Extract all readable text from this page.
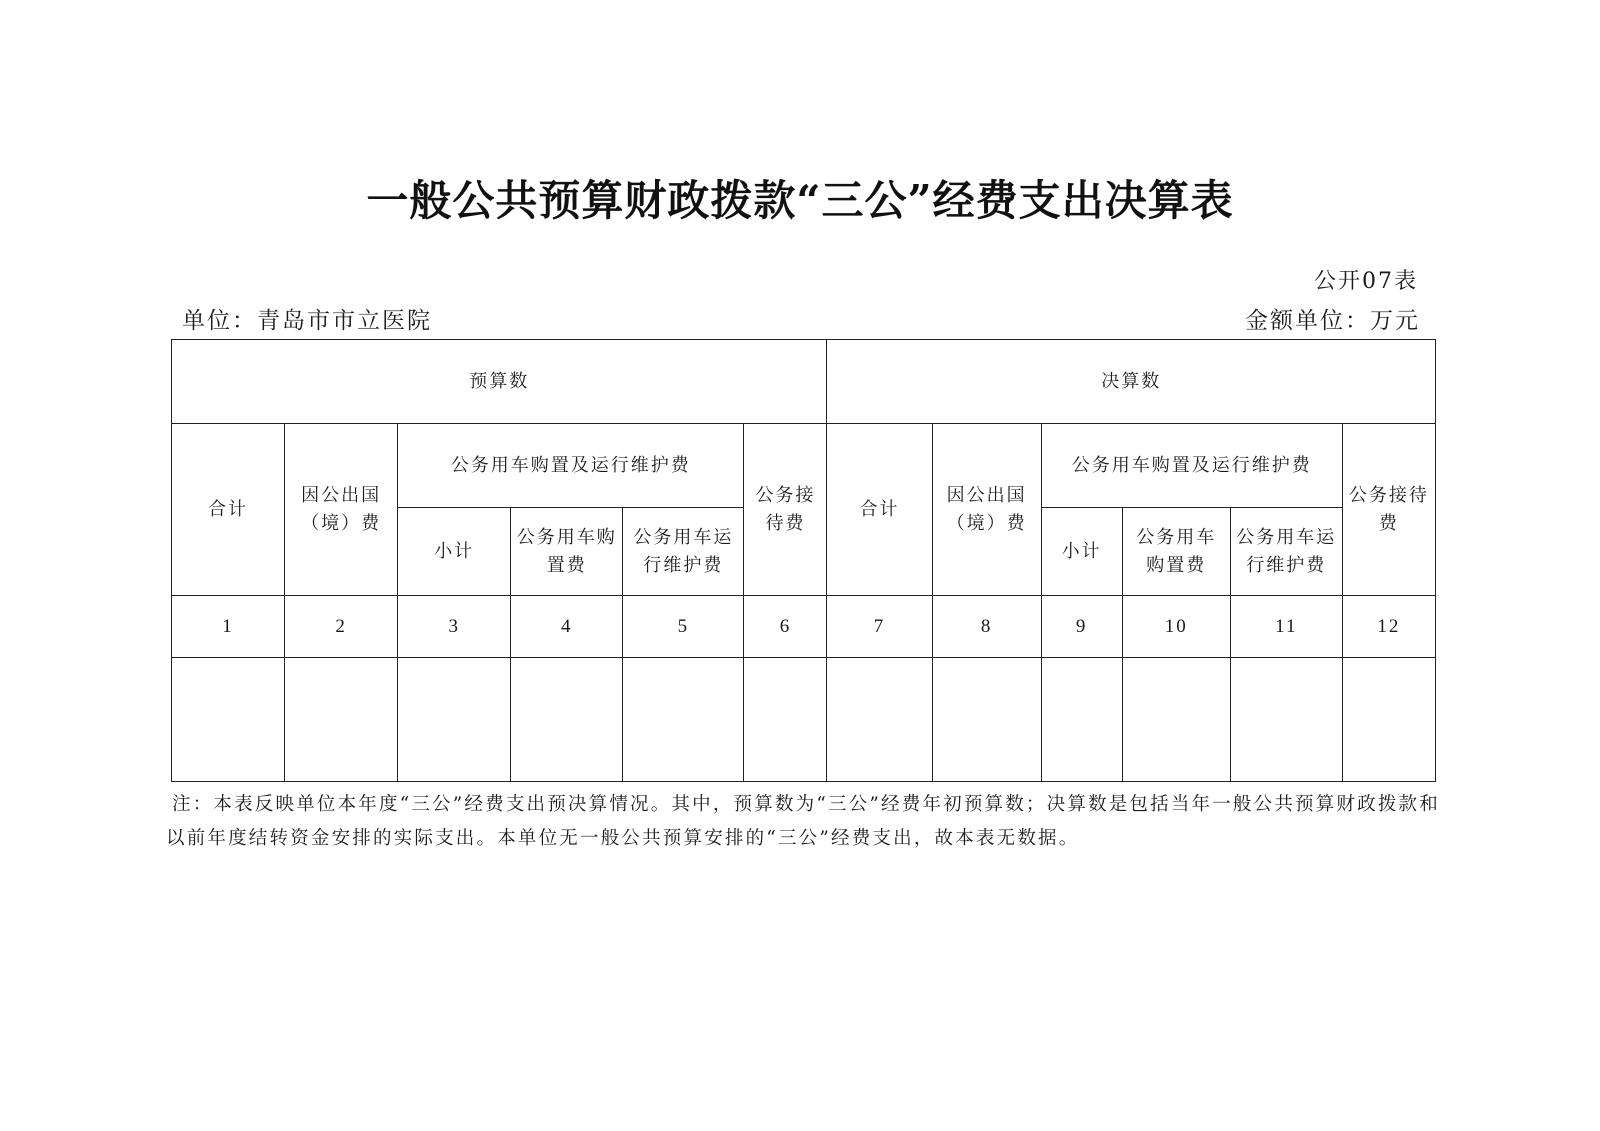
一般公共预算财政拨款“三公”经费支出决算表
公开07表
单位：青岛市市立医院	金额单位：万元
预算数						决算数					
合计	因公出国（境）费	公务用车购置及运行维护费			公务接待费	合计	因公出国（境）费	公务用车购置及运行维护费			公务接待费
		小计	公务用车购置费	公务用车运行维护费				小计	公务用车购置费	公务用车运行维护费	
1	2	3	4	5	6	7	8	9	10	11	12

注：本表反映单位本年度“三公”经费支出预决算情况。其中，预算数为“三公”经费年初预算数；决算数是包括当年一般公共预算财政拨款和以前年度结转资金安排的实际支出。本单位无一般公共预算安排的“三公”经费支出，故本表无数据。
